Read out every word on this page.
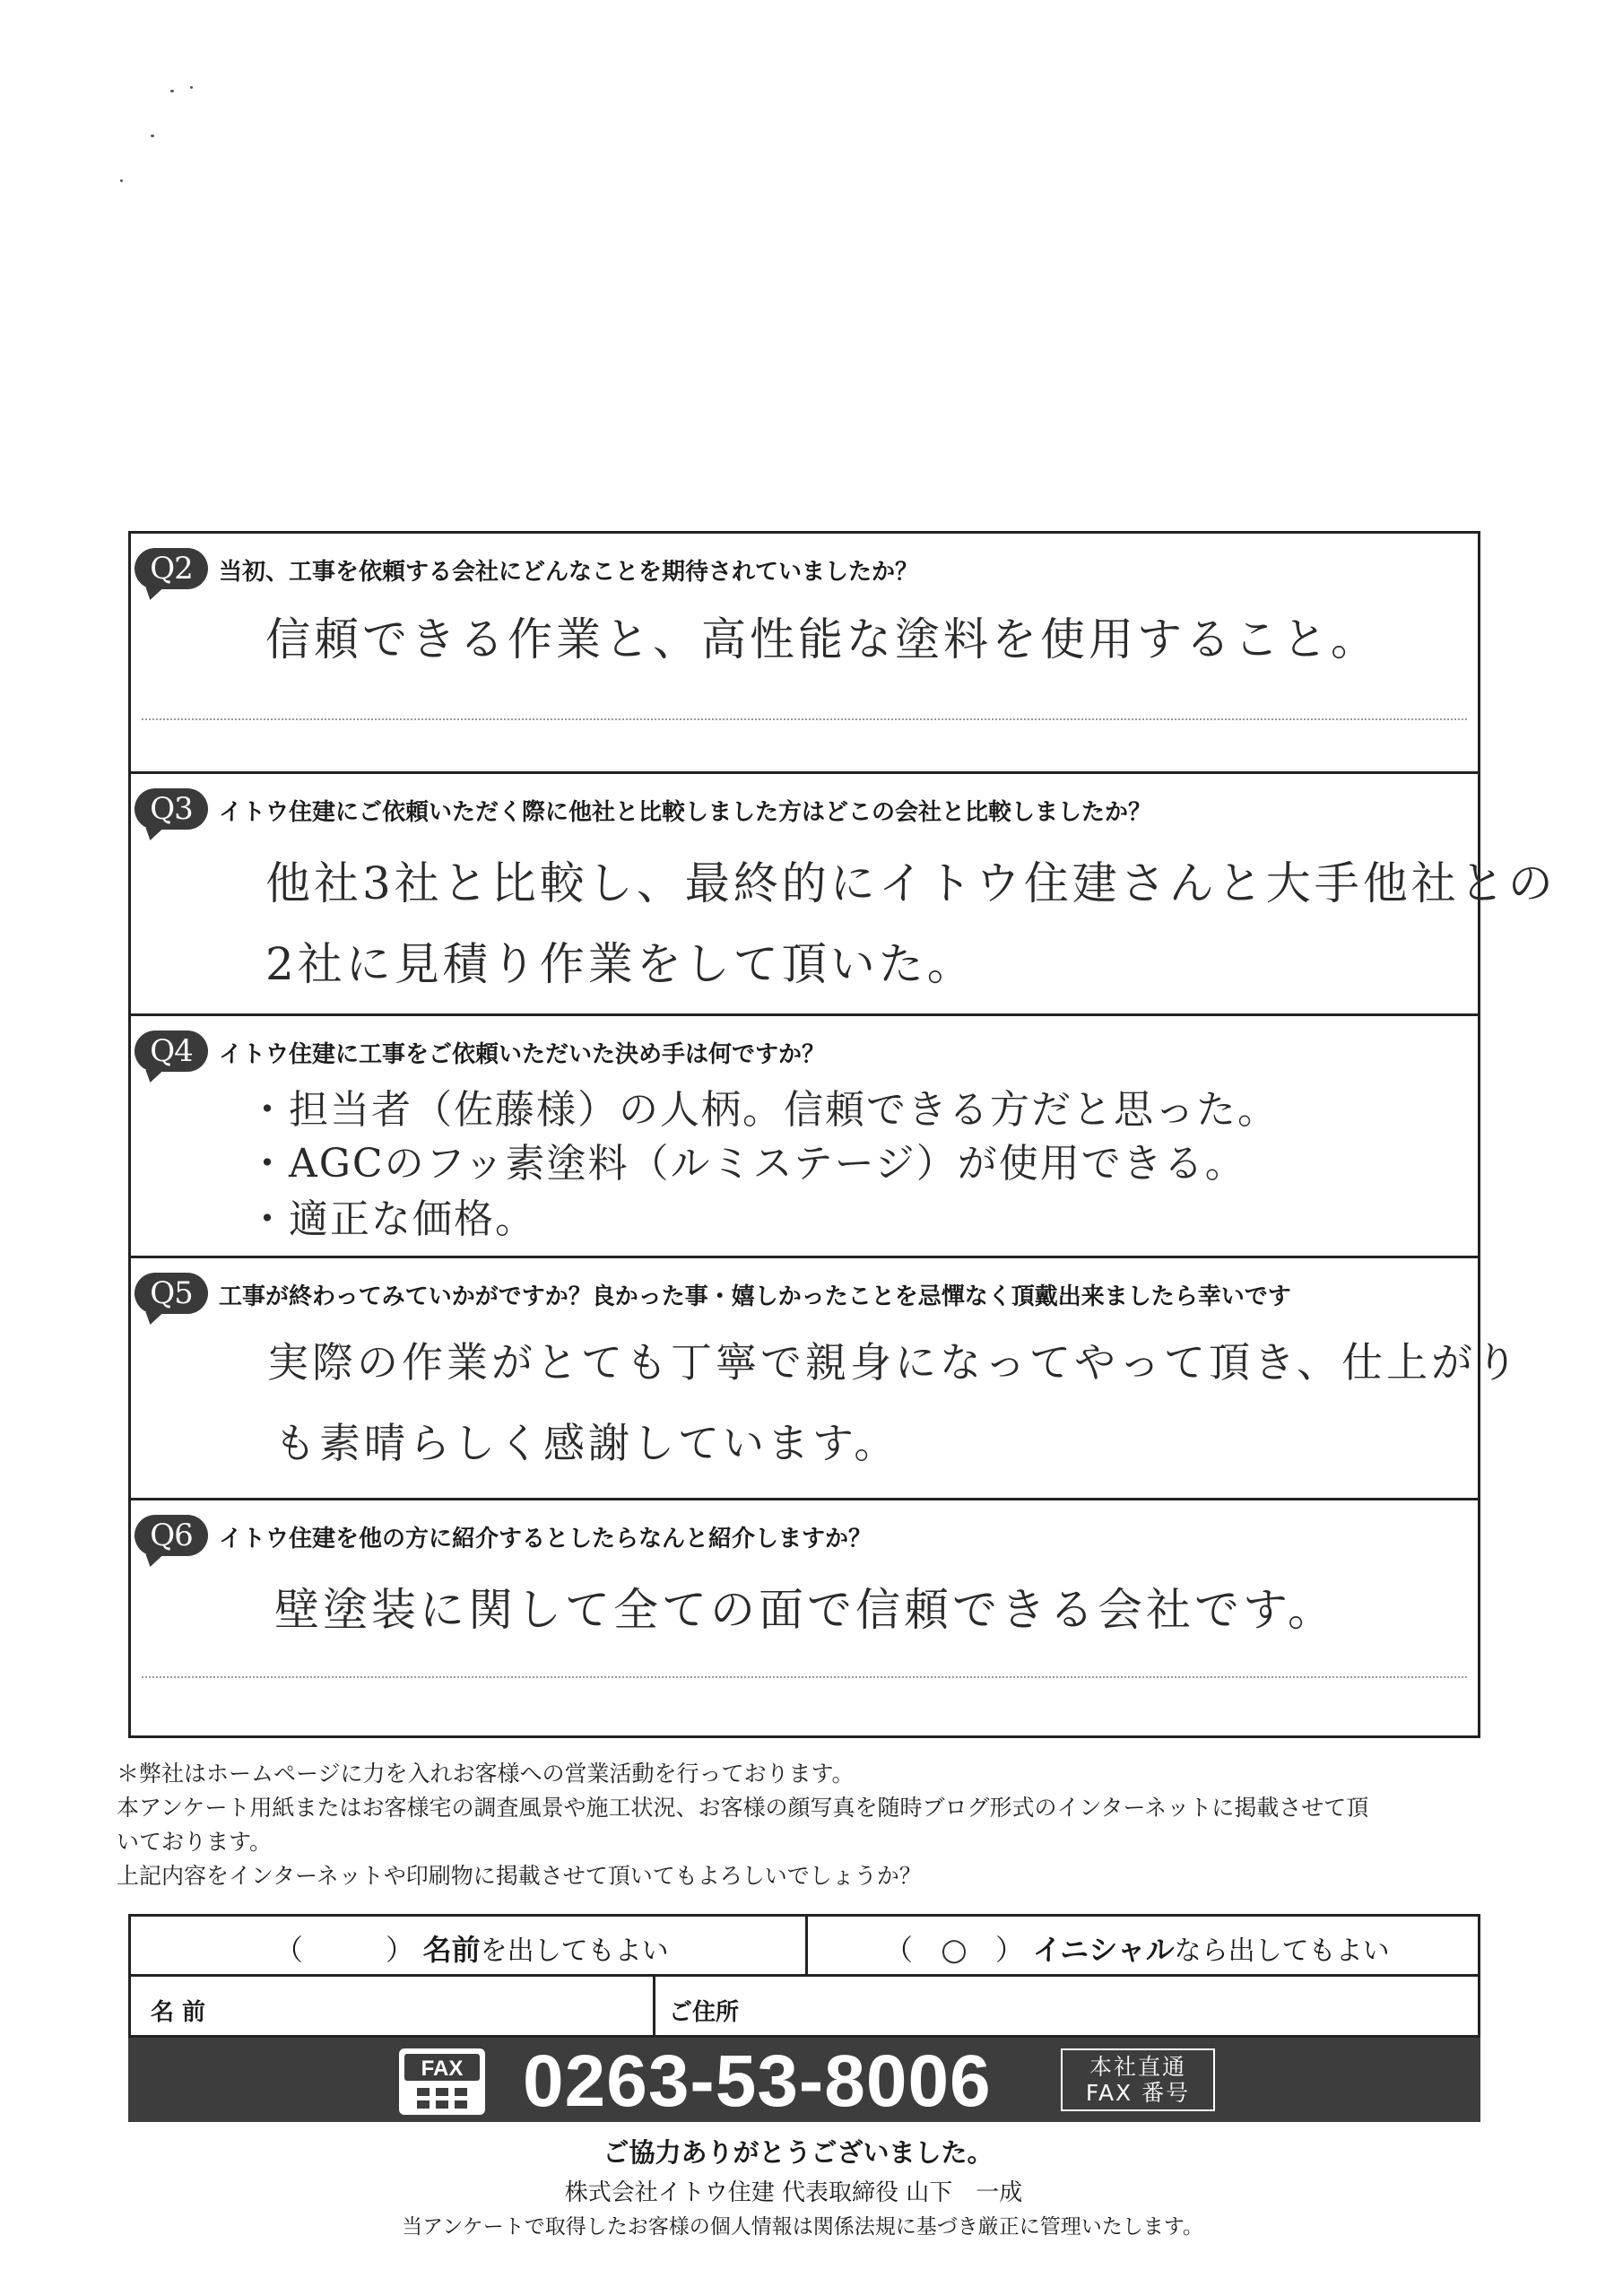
Q2	当初、工事を依頼する会社にどんなことを期待されていましたか？
信頼できる作業と、高性能な塗料を使用すること。
Q3	イトウ住建にご依頼いただく際に他社と比較しました方はどこの会社と比較しましたか？
他社3社と比較し、最終的にイトウ住建さんと大手他社との
2社に見積り作業をして頂いた。
Q4	イトウ住建に工事をご依頼いただいた決め手は何ですか？
・担当者（佐藤様）の人柄。信頼できる方だと思った。
・AGCのフッ素塗料（ルミステージ）が使用できる。
・適正な価格。
Q5	工事が終わってみていかがですか？良かった事・嬉しかったことを忌憚なく頂戴出来ましたら幸いです
実際の作業がとても丁寧で親身になってやって頂き、仕上がり
も素晴らしく感謝しています。
Q6	イトウ住建を他の方に紹介するとしたらなんと紹介しますか？
壁塗装に関して全ての面で信頼できる会社です。
＊弊社はホームページに力を入れお客様への営業活動を行っております。
本アンケート用紙またはお客様宅の調査風景や施工状況、お客様の顔写真を随時ブログ形式のインターネットに掲載させて頂
いております。
上記内容をインターネットや印刷物に掲載させて頂いてもよろしいでしょうか？
（	） 名前を出してもよい	（ ○ ） イニシャルなら出してもよい
名 前	ご住所
FAX 0263-53-8006	本社直通
FAX 番号
ご協力ありがとうございました。
株式会社イトウ住建 代表取締役 山下　一成
当アンケートで取得したお客様の個人情報は関係法規に基づき厳正に管理いたします。
